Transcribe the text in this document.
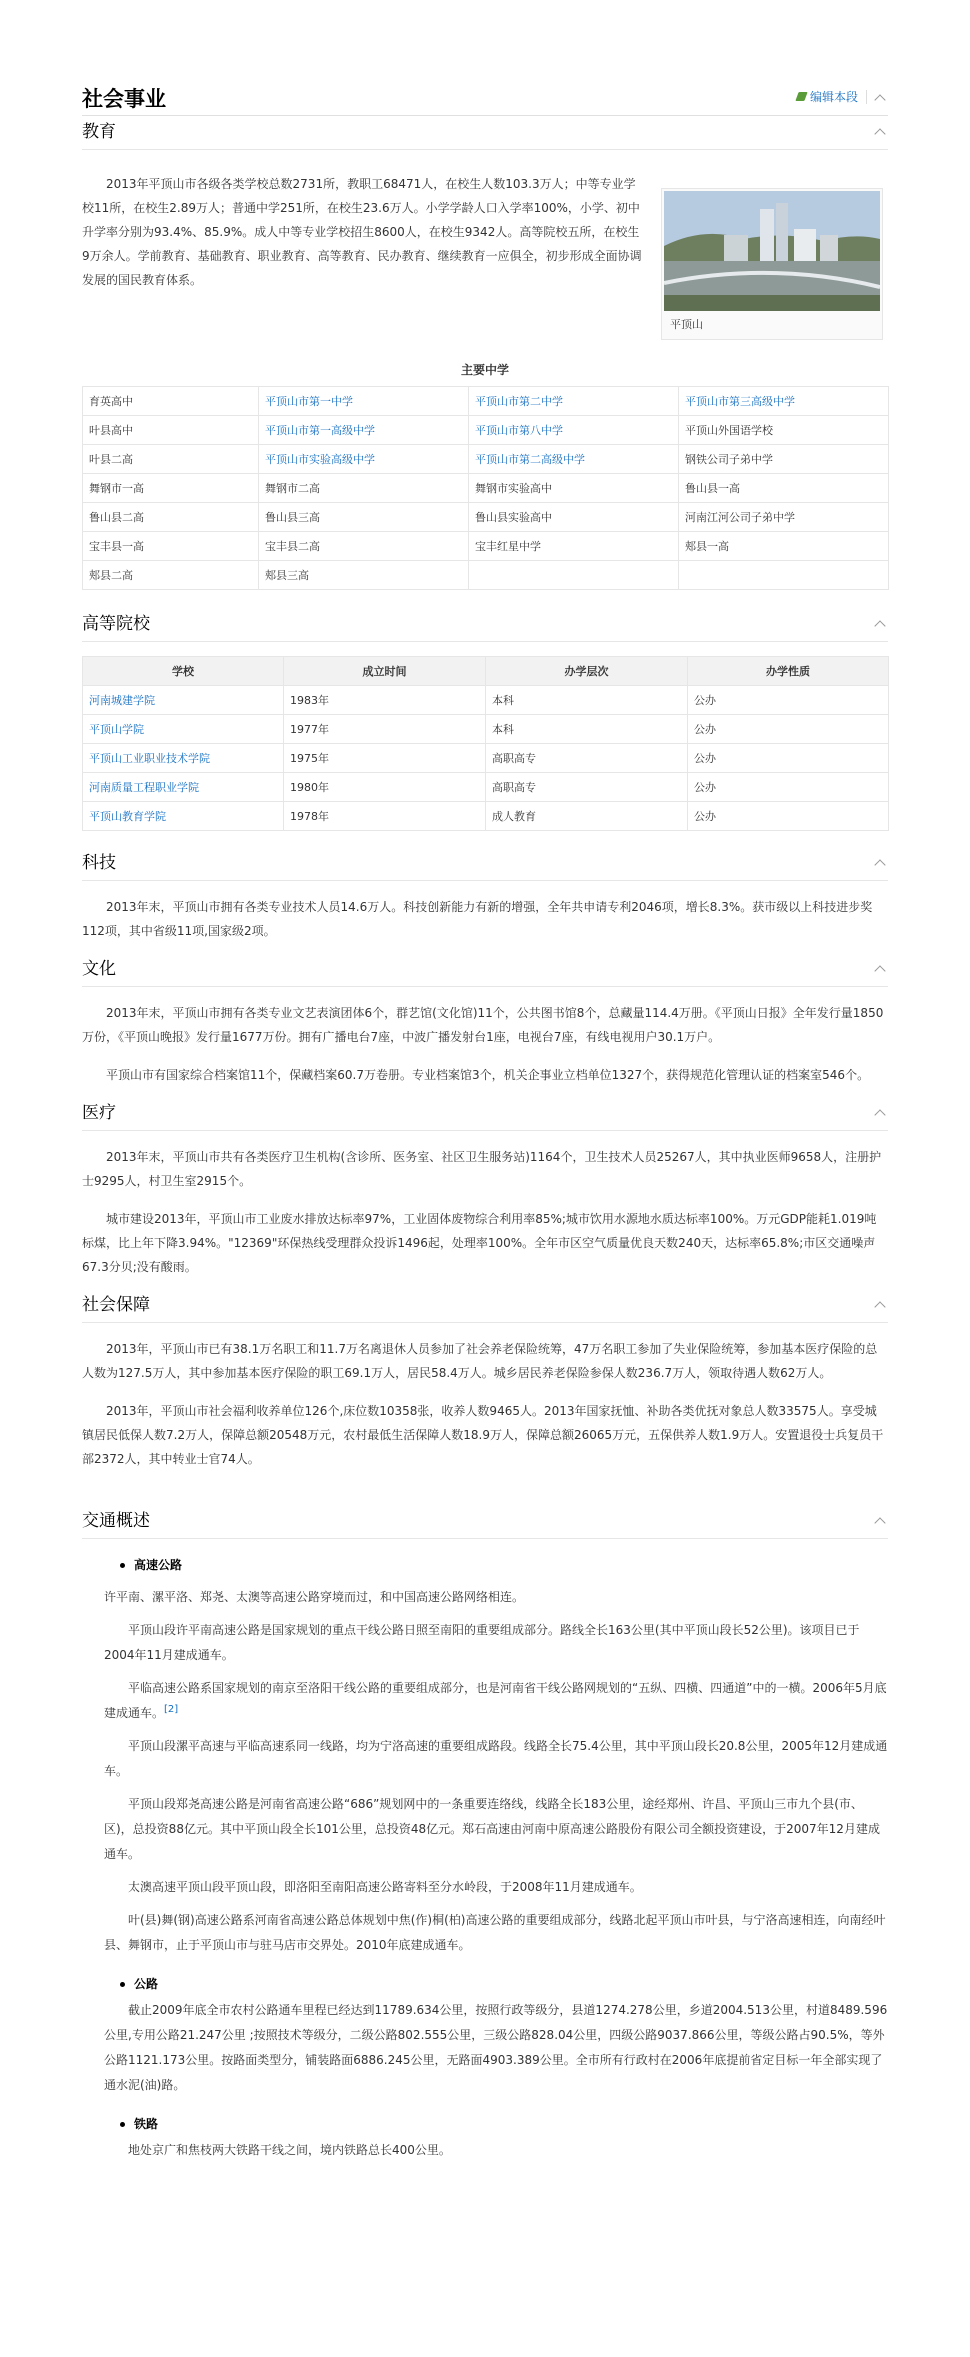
社会事业	编辑本段
教育

2013年平顶山市各级各类学校总数2731所，教职工68471人，在校生人数103.3万人；中等专业学校11所，在校生2.89万人；普通中学251所，在校生23.6万人。小学学龄人口入学率100%，小学、初中升学率分别为93.4%、85.9%。成人中等专业学校招生8600人，在校生9342人。高等院校五所，在校生9万余人。学前教育、基础教育、职业教育、高等教育、民办教育、继续教育一应俱全，初步形成全面协调发展的国民教育体系。

平顶山
主要中学
育英高中	平顶山市第一中学	平顶山市第二中学	平顶山市第三高级中学
叶县高中	平顶山市第一高级中学	平顶山市第八中学	平顶山外国语学校
叶县二高	平顶山市实验高级中学	平顶山市第二高级中学	钢铁公司子弟中学
舞钢市一高	舞钢市二高	舞钢市实验高中	鲁山县一高
鲁山县二高	鲁山县三高	鲁山县实验高中	河南江河公司子弟中学
宝丰县一高	宝丰县二高	宝丰红星中学	郏县一高
郏县二高	郏县三高		
高等院校
学校	成立时间	办学层次	办学性质
河南城建学院	1983年	本科	公办
平顶山学院	1977年	本科	公办
平顶山工业职业技术学院	1975年	高职高专	公办
河南质量工程职业学院	1980年	高职高专	公办
平顶山教育学院	1978年	成人教育	公办
科技

2013年末，平顶山市拥有各类专业技术人员14.6万人。科技创新能力有新的增强，全年共申请专利2046项，增长8.3%。获市级以上科技进步奖112项，其中省级11项,国家级2项。

文化

2013年末，平顶山市拥有各类专业文艺表演团体6个，群艺馆(文化馆)11个，公共图书馆8个，总藏量114.4万册。《平顶山日报》全年发行量1850万份，《平顶山晚报》发行量1677万份。拥有广播电台7座，中波广播发射台1座，电视台7座，有线电视用户30.1万户。

平顶山市有国家综合档案馆11个，保藏档案60.7万卷册。专业档案馆3个，机关企事业立档单位1327个，获得规范化管理认证的档案室546个。

医疗

2013年末，平顶山市共有各类医疗卫生机构(含诊所、医务室、社区卫生服务站)1164个，卫生技术人员25267人，其中执业医师9658人，注册护士9295人，村卫生室2915个。

城市建设2013年，平顶山市工业废水排放达标率97%，工业固体废物综合利用率85%;城市饮用水源地水质达标率100%。万元GDP能耗1.019吨标煤，比上年下降3.94%。"12369"环保热线受理群众投诉1496起，处理率100%。全年市区空气质量优良天数240天，达标率65.8%;市区交通噪声67.3分贝;没有酸雨。

社会保障

2013年，平顶山市已有38.1万名职工和11.7万名离退休人员参加了社会养老保险统筹，47万名职工参加了失业保险统筹，参加基本医疗保险的总人数为127.5万人，其中参加基本医疗保险的职工69.1万人，居民58.4万人。城乡居民养老保险参保人数236.7万人，领取待遇人数62万人。

2013年，平顶山市社会福利收养单位126个,床位数10358张，收养人数9465人。2013年国家抚恤、补助各类优抚对象总人数33575人。享受城镇居民低保人数7.2万人，保障总额20548万元，农村最低生活保障人数18.9万人，保障总额26065万元，五保供养人数1.9万人。安置退役士兵复员干部2372人，其中转业士官74人。

交通概述
高速公路

许平南、漯平洛、郑尧、太澳等高速公路穿境而过，和中国高速公路网络相连。

平顶山段许平南高速公路是国家规划的重点干线公路日照至南阳的重要组成部分。路线全长163公里(其中平顶山段长52公里)。该项目已于2004年11月建成通车。

平临高速公路系国家规划的南京至洛阳干线公路的重要组成部分，也是河南省干线公路网规划的“五纵、四横、四通道”中的一横。2006年5月底建成通车。[2]

平顶山段漯平高速与平临高速系同一线路，均为宁洛高速的重要组成路段。线路全长75.4公里，其中平顶山段长20.8公里，2005年12月建成通车。

平顶山段郑尧高速公路是河南省高速公路“686”规划网中的一条重要连络线，线路全长183公里，途经郑州、许昌、平顶山三市九个县(市、区)，总投资88亿元。其中平顶山段全长101公里，总投资48亿元。郑石高速由河南中原高速公路股份有限公司全额投资建设，于2007年12月建成通车。

太澳高速平顶山段平顶山段，即洛阳至南阳高速公路寄料至分水岭段，于2008年11月建成通车。

叶(县)舞(钢)高速公路系河南省高速公路总体规划中焦(作)桐(柏)高速公路的重要组成部分，线路北起平顶山市叶县，与宁洛高速相连，向南经叶县、舞钢市，止于平顶山市与驻马店市交界处。2010年底建成通车。

公路

截止2009年底全市农村公路通车里程已经达到11789.634公里，按照行政等级分，县道1274.278公里，乡道2004.513公里，村道8489.596公里,专用公路21.247公里 ;按照技术等级分，二级公路802.555公里，三级公路828.04公里，四级公路9037.866公里，等级公路占90.5%，等外公路1121.173公里。按路面类型分，铺装路面6886.245公里，无路面4903.389公里。全市所有行政村在2006年底提前省定目标一年全部实现了通水泥(油)路。

铁路

地处京广和焦枝两大铁路干线之间，境内铁路总长400公里。
